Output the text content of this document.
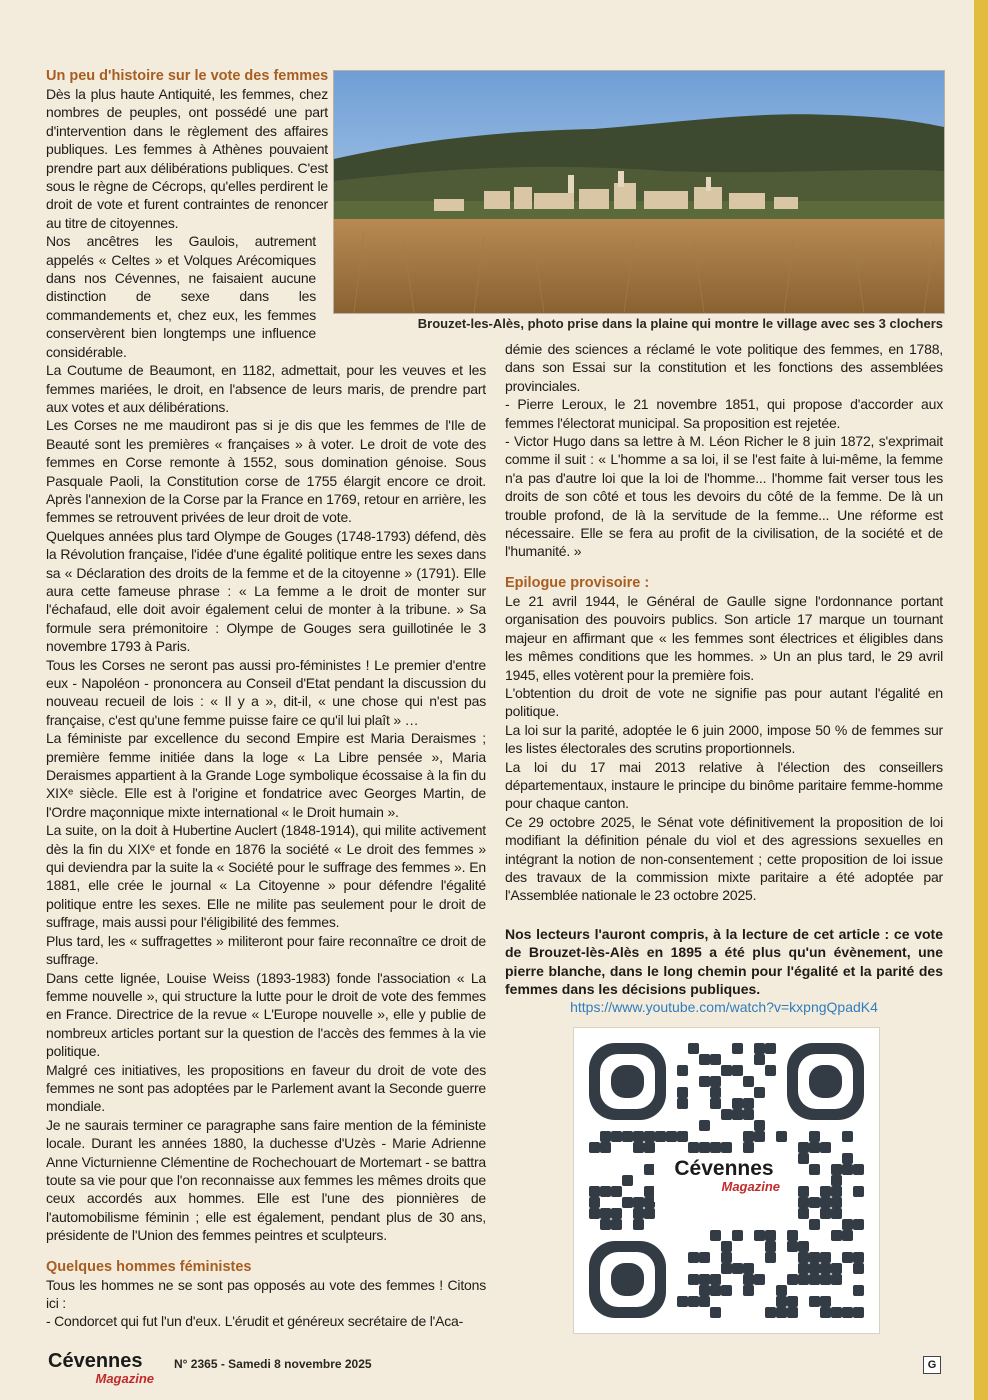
Un peu d'histoire sur le vote des femmes

Dès la plus haute Antiquité, les femmes, chez nombres de peuples, ont possédé une part d'intervention dans le règlement des affaires publiques. Les femmes à Athènes pouvaient prendre part aux délibérations publiques. C'est sous le règne de Cécrops, qu'elles perdirent le droit de vote et furent contraintes de renoncer au titre de citoyennes.

Nos ancêtres les Gaulois, autrement appelés « Celtes » et Volques Arécomiques dans nos Cévennes, ne faisaient aucune distinction de sexe dans les commandements et, chez eux, les femmes conservèrent bien longtemps une influence considérable.

La Coutume de Beaumont, en 1182, admettait, pour les veuves et les femmes mariées, le droit, en l'absence de leurs maris, de prendre part aux votes et aux délibérations.

Les Corses ne me maudiront pas si je dis que les femmes de l'Ile de Beauté sont les premières « françaises » à voter. Le droit de vote des femmes en Corse remonte à 1552, sous domination génoise. Sous Pasquale Paoli, la Constitution corse de 1755 élargit encore ce droit. Après l'annexion de la Corse par la France en 1769, retour en arrière, les femmes se retrouvent privées de leur droit de vote.

Quelques années plus tard Olympe de Gouges (1748-1793) défend, dès la Révolution française, l'idée d'une égalité politique entre les sexes dans sa « Déclaration des droits de la femme et de la citoyenne » (1791). Elle aura cette fameuse phrase : « La femme a le droit de monter sur l'échafaud, elle doit avoir également celui de monter à la tribune. » Sa formule sera prémonitoire : Olympe de Gouges sera guillotinée le 3 novembre 1793 à Paris.

Tous les Corses ne seront pas aussi pro-féministes ! Le premier d'entre eux - Napoléon - prononcera au Conseil d'Etat pendant la discussion du nouveau recueil de lois : « Il y a », dit-il, « une chose qui n'est pas française, c'est qu'une femme puisse faire ce qu'il lui plaît » …

La féministe par excellence du second Empire est Maria Deraismes ; première femme initiée dans la loge « La Libre pensée », Maria Deraismes appartient à la Grande Loge symbolique écossaise à la fin du XIXᵉ siècle. Elle est à l'origine et fondatrice avec Georges Martin, de l'Ordre maçonnique mixte international « le Droit humain ».

La suite, on la doit à Hubertine Auclert (1848-1914), qui milite activement dès la fin du XIXᵉ et fonde en 1876 la société « Le droit des femmes » qui deviendra par la suite la « Société pour le suffrage des femmes ». En 1881, elle crée le journal « La Citoyenne » pour défendre l'égalité politique entre les sexes. Elle ne milite pas seulement pour le droit de suffrage, mais aussi pour l'éligibilité des femmes.

Plus tard, les « suffragettes » militeront pour faire reconnaître ce droit de suffrage.

Dans cette lignée, Louise Weiss (1893-1983) fonde l'association « La femme nouvelle », qui structure la lutte pour le droit de vote des femmes en France. Directrice de la revue « L'Europe nouvelle », elle y publie de nombreux articles portant sur la question de l'accès des femmes à la vie politique.

Malgré ces initiatives, les propositions en faveur du droit de vote des femmes ne sont pas adoptées par le Parlement avant la Seconde guerre mondiale.

Je ne saurais terminer ce paragraphe sans faire mention de la féministe locale. Durant les années 1880, la duchesse d'Uzès - Marie Adrienne Anne Victurnienne Clémentine de Rochechouart de Mortemart - se battra toute sa vie pour que l'on reconnaisse aux femmes les mêmes droits que ceux accordés aux hommes. Elle est l'une des pionnières de l'automobilisme féminin ; elle est également, pendant plus de 30 ans, présidente de l'Union des femmes peintres et sculpteurs.

Quelques hommes féministes

Tous les hommes ne se sont pas opposés au vote des femmes ! Citons ici :

- Condorcet qui fut l'un d'eux. L'érudit et généreux secrétaire de l'Aca-

Brouzet-les-Alès, photo prise dans la plaine qui montre le village avec ses 3 clochers

démie des sciences a réclamé le vote politique des femmes, en 1788, dans son Essai sur la constitution et les fonctions des assemblées provinciales.

- Pierre Leroux, le 21 novembre 1851, qui propose d'accorder aux femmes l'électorat municipal. Sa proposition est rejetée.

- Victor Hugo dans sa lettre à M. Léon Richer le 8 juin 1872, s'exprimait comme il suit : « L'homme a sa loi, il se l'est faite à lui-même, la femme n'a pas d'autre loi que la loi de l'homme... l'homme fait verser tous les droits de son côté et tous les devoirs du côté de la femme. De là un trouble profond, de là la servitude de la femme... Une réforme est nécessaire. Elle se fera au profit de la civilisation, de la société et de l'humanité. »

Epilogue provisoire :

Le 21 avril 1944, le Général de Gaulle signe l'ordonnance portant organisation des pouvoirs publics. Son article 17 marque un tournant majeur en affirmant que « les femmes sont électrices et éligibles dans les mêmes conditions que les hommes. » Un an plus tard, le 29 avril 1945, elles votèrent pour la première fois.

L'obtention du droit de vote ne signifie pas pour autant l'égalité en politique.

La loi sur la parité, adoptée le 6 juin 2000, impose 50 % de femmes sur les listes électorales des scrutins proportionnels.

La loi du 17 mai 2013 relative à l'élection des conseillers départementaux, instaure le principe du binôme paritaire femme-homme pour chaque canton.

Ce 29 octobre 2025, le Sénat vote définitivement la proposition de loi modifiant la définition pénale du viol et des agressions sexuelles en intégrant la notion de non-consentement ; cette proposition de loi issue des travaux de la commission mixte paritaire a été adoptée par l'Assemblée nationale le 23 octobre 2025.

Nos lecteurs l'auront compris, à la lecture de cet article : ce vote de Brouzet-lès-Alès en 1895 a été plus qu'un évènement, une pierre blanche, dans le long chemin pour l'égalité et la parité des femmes dans les décisions publiques.

https://www.youtube.com/watch?v=kxpngQpadK4
Cévennes
Magazine
Cévennes
Magazine
N° 2365 - Samedi 8 novembre 2025	G
